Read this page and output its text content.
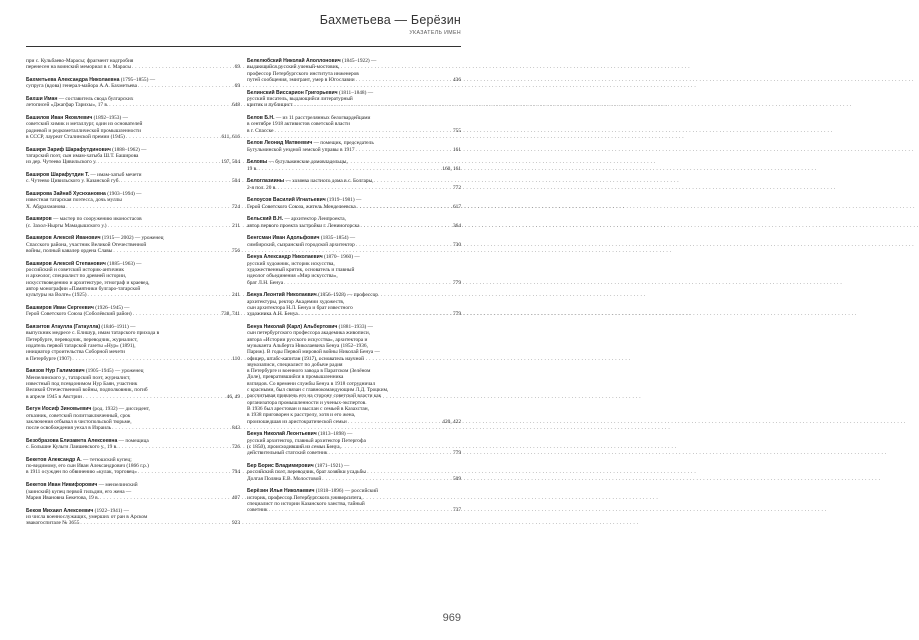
Бахметьева — Берёзин
УКАЗАТЕЛЬ ИМЕН
при с. Кульбаево-Марасы; фрагмент надгробия
перенесен на воинский мемориал в с. Марасы . . .	69
Бахметьева Александра Николаевна (1795–1855) —
супруга (вдова) генерал-майора А.А. Бахметьева . . .	69
Бахши Иман — составитель свода булгарских
летописей «Джагфар Тарихы», 17 в. . . .	648
Башилов Иван Яковлевич (1892–1953) —
советский химик и металлург, один из основателей
радиевой и редкометаллической промышленности
в СССР, лауреат Сталинской премии (1945) . . .	611, 616
Баширя Зариф Шарафутдинович (1888–1962) —
татарский поэт, сын имам-хатыба Ш.Т. Баширова
из дер. Чутеево Цивильского у. . . .	197, 504
Баширов Шарафутдин Т. — имам-хатыб мечети
с. Чутеево Цивильского у. Казанской губ. . . .	504
Баширова Зайнаб Хуснхановна (1903–1994) —
известная татарская поэтесса, дочь муллы
Х. Абдрахманова . . .	724
Башкиров — мастер по сооружению иконостасов
(с. Захол-Ныргы Мамадышского у.) . . .	211
Башкиров Алексей Иванович (1915— 2002) — уроженец
Спасского района, участник Великой Отечественной
войны, полный кавалер ордена Славы . . .	756
Башкиров Алексей Степанович (1885–1963) —
российский и советский историк-античник
и археолог, специалист по древней истории,
искусствоведению и архитектуре, этнограф и краевед,
автор монографии «Памятники булгаро-татарской
культуры на Волге» (1925) . . .	241
Башкиров Иван Сергеевич (1926–1945) —
Герой Советского Союза (Соболёвский район) . . .	738, 741
Баязитов Атаулла (Гатаулла) (1846–1911) —
выпускник медресе с. Елишур, имам татарского прихода в
Петербурге, переводчик, переводчик, журналист,
издатель первой татарской газеты «Нур» (1891),
инициатор строительства Соборной мечети
в Петербурге (1907) . . .	110
Баязов Нур Галимович (1905–1945) — уроженец
Мензелинского у., татарский поэт, журналист,
известный под псевдонимом Нур Баян, участник
Великой Отечественной войны, подполковник, погиб
в апреле 1945 в Австрии . . .	46, 49
Бегун Иосиф Зиновьевич (род. 1932) — диссидент,
отказник, советский политзаключенный, срок
заключения отбывал в чистопольской тюрьме,
после освобождения уехал в Израиль . . .	843
Безобразова Елизавета Алексеевна — помещица
с. Большие Кульги Лаишевского у., 19 в. . . .	726
Бекетов Александр А. — тетюшский купец;
по-видимому, его сын Иван Александрович (1866 г.р.)
в 1911 осужден по обвинению «кулак, торговец» . . .	794
Бекетов Иван Никифорович — мензелинский
(заинский) купец первой гильдии, его жена —
Мария Ивановна Бекетова, 19 в. . . .	407
Беков Михаил Алексеевич (1922–1941) —
из числа военнослужащих, умерших от ран в Арском
эвакогоспитале № 3655 . . .	923
Белелюбский Николай Аполлонович (1845–1922) —
выдающийся русский ученый-мостовик,
профессор Петербургского института инженеров
путей сообщения, эмигрант, умер в Югославии . . .	436
Белинский Виссарион Григорьевич (1811–1848) —
русский писатель, выдающийся литературный
критик и публицист
. . .
Белов Б.Н. — из 11 расстрелянных белогвардейцами
в сентябре 1918 активистов советской власти
в г. Спасске . . .	755
Белов Леонид Матвеевич — помещик, председатель
Бугульминской уездной земской управы в 1917 . . .	161
Беловы — бугульминские домовладельцы,
19 в. . . .	160, 161
Белоглазиины — хозяева частного дома в с. Болгары,
2-я пол. 20 в. . . .	772
Белоусов Василий Игнатьевич (1919–1981) —
Герой Советского Союза, житель Менделеевска . . .	617
Бельский В.Н. — архитектор Ленпроекта,
автор первого проекта застройки г. Лениногорска . . .	364
Бенгсман Иван Адольфович (1835–1854) —
симбирский, сызранский городской архитектор . . .	730
Бенуа Александр Николаевич (1870– 1960) —
русский художник, историк искусства,
художественный критик, основатель и главный
идеолог объединения «Мир искусства»,
брат Л.Н. Бенуа . . .	779
Бенуа Леонтий Николаевич (1856–1928) — профессор
архитектуры, ректор Академии художеств,
сын архитектора Н.Л. Бенуа и брат известного
художника А.Н. Бенуа . . .	779
Бенуа Николай (Карл) Альбертович (1881–1933) —
сын петербургского профессора академика живописи,
автора «Истории русского искусства», архитектора и
музыканта Альберта Николаевича Бенуа (1852–1936,
Париж). В годы Первой мировой войны Николай Бенуа —
офицер, штабс-капитан (1917), основатель научной
звукозаписи, специалист по добыче радия
в Петербурге и военного завода в Паратском (Зелёном
Доле), превратившийся в промышленника
взглядов. Со времени службы Бенуа в 1918 сотрудничал
с красными, был связан с главнокомандующим Л.Д. Троцким,
рассчитывая привлечь его на сторону советской власти как
организатора промышленности и ученых-экспертов.
В 1936 был арестован и выслан с семьей в Казахстан,
в 1938 приговорен к расстрелу, хотя и его жена,
произошедшая из аристократической семьи . . .	420, 422
Бенуа Николай Леонтьевич (1813–1898) —
русский архитектор, главный архитектор Петергофа
(с 1850), происходивший из семьи Бенуа,
действительный статский советник . . .	779
Бер Борис Владимирович (1871–1921) —
российский поэт, переводчик, брат хозяйки усадьбы
Долгая Поляна Е.В. Молостовой . . .	509
Берёзин Илья Николаевич (1818–1896) — российский
историк, профессор Петербургского университета,
специалист по истории Казанского ханства, тайный
советник . . .	737
969
